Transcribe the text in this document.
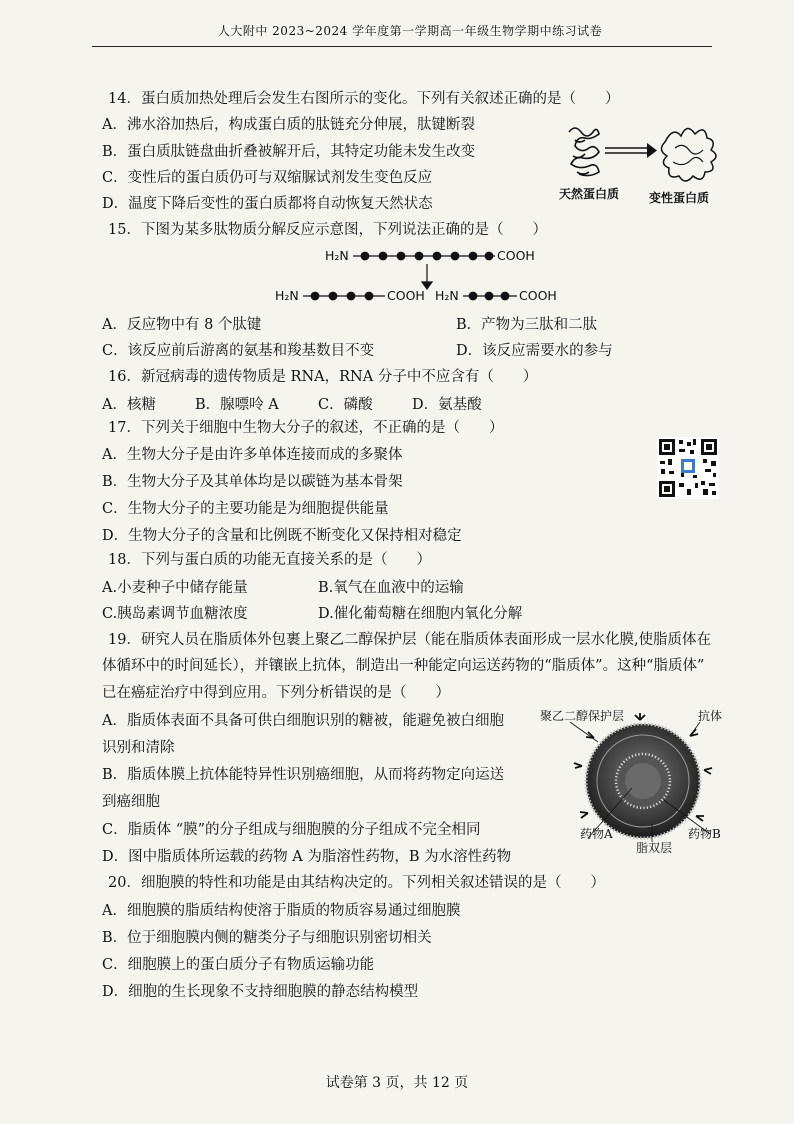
人大附中 2023~2024 学年度第一学期高一年级生物学期中练习试卷
14．蛋白质加热处理后会发生右图所示的变化。下列有关叙述正确的是（　　）
A．沸水浴加热后，构成蛋白质的肽链充分伸展，肽键断裂
B．蛋白质肽链盘曲折叠被解开后，其特定功能未发生改变
C．变性后的蛋白质仍可与双缩脲试剂发生变色反应
D．温度下降后变性的蛋白质都将自动恢复天然状态
天然蛋白质 变性蛋白质
15．下图为某多肽物质分解反应示意图，下列说法正确的是（　　）
H₂N	COOH
H₂N	COOH H₂N	COOH
A．反应物中有 8 个肽键	B．产物为三肽和二肽
C．该反应前后游离的氨基和羧基数目不变	D．该反应需要水的参与
16．新冠病毒的遗传物质是 RNA，RNA 分子中不应含有（　　）
A．核糖	B．腺嘌呤 A	C．磷酸	D．氨基酸
17．下列关于细胞中生物大分子的叙述，不正确的是（　　）
A．生物大分子是由许多单体连接而成的多聚体
B．生物大分子及其单体均是以碳链为基本骨架
C．生物大分子的主要功能是为细胞提供能量
D．生物大分子的含量和比例既不断变化又保持相对稳定
18．下列与蛋白质的功能无直接关系的是（　　）
A.小麦种子中储存能量	B.氧气在血液中的运输
C.胰岛素调节血糖浓度	D.催化葡萄糖在细胞内氧化分解
19．研究人员在脂质体外包裹上聚乙二醇保护层（能在脂质体表面形成一层水化膜,使脂质体在
体循环中的时间延长），并镶嵌上抗体，制造出一种能定向运送药物的“脂质体”。这种“脂质体”
已在癌症治疗中得到应用。下列分析错误的是（　　）
A．脂质体表面不具备可供白细胞识别的糖被，能避免被白细胞
识别和清除
B．脂质体膜上抗体能特异性识别癌细胞，从而将药物定向运送
到癌细胞
C．脂质体 “膜”的分子组成与细胞膜的分子组成不完全相同
D．图中脂质体所运载的药物 A 为脂溶性药物，B 为水溶性药物
聚乙二醇保护层	抗体
药物A	药物B
脂双层
20．细胞膜的特性和功能是由其结构决定的。下列相关叙述错误的是（　　）
A．细胞膜的脂质结构使溶于脂质的物质容易通过细胞膜
B．位于细胞膜内侧的糖类分子与细胞识别密切相关
C．细胞膜上的蛋白质分子有物质运输功能
D．细胞的生长现象不支持细胞膜的静态结构模型
试卷第 3 页，共 12 页
